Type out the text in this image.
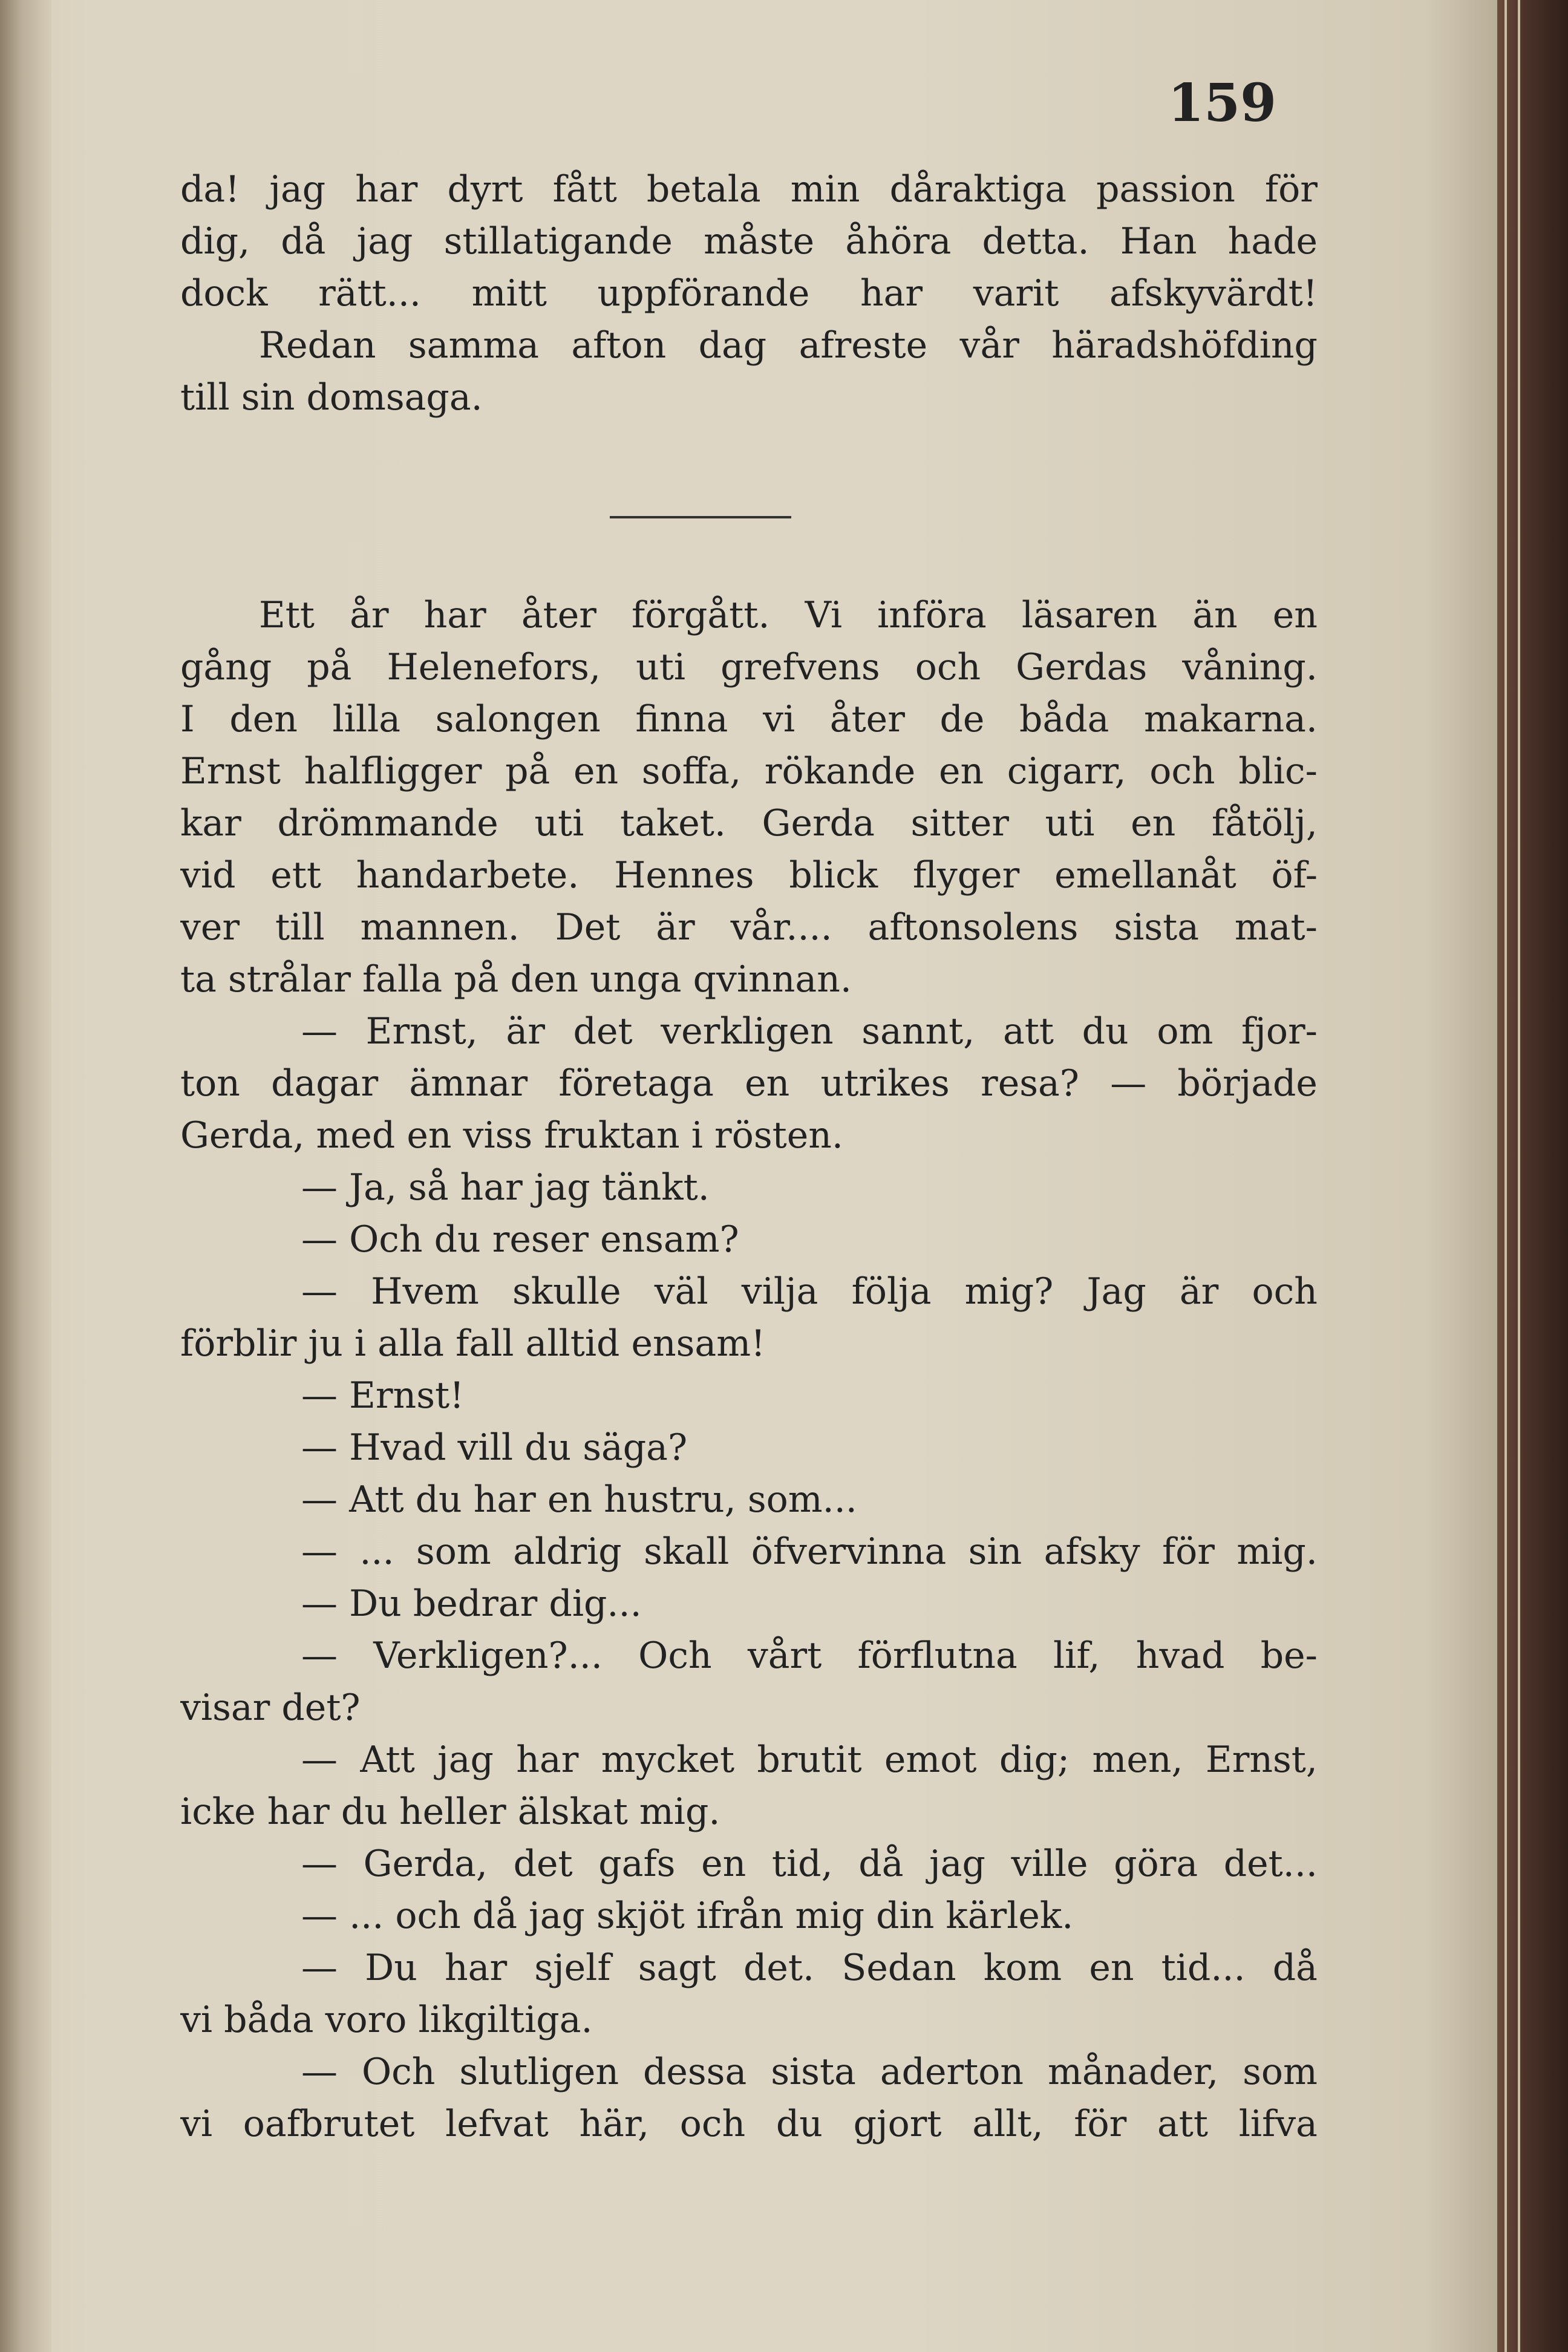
159
da! jag har dyrt fått betala min dåraktiga passion för
dig, då jag stillatigande måste åhöra detta. Han hade
dock rätt... mitt uppförande har varit afskyvärdt!
Redan samma afton dag afreste vår häradshöfding
till sin domsaga.
Ett år har åter förgått. Vi införa läsaren än en
gång på Helenefors, uti grefvens och Gerdas våning.
I den lilla salongen finna vi åter de båda makarna.
Ernst halfligger på en soffa, rökande en cigarr, och blic-
kar drömmande uti taket. Gerda sitter uti en fåtölj,
vid ett handarbete. Hennes blick flyger emellanåt öf-
ver till mannen. Det är vår.... aftonsolens sista mat-
ta strålar falla på den unga qvinnan.
— Ernst, är det verkligen sannt, att du om fjor-
ton dagar ämnar företaga en utrikes resa? — började
Gerda, med en viss fruktan i rösten.
— Ja, så har jag tänkt.
— Och du reser ensam?
— Hvem skulle väl vilja följa mig? Jag är och
förblir ju i alla fall alltid ensam!
— Ernst!
— Hvad vill du säga?
— Att du har en hustru, som...
— ... som aldrig skall öfvervinna sin afsky för mig.
— Du bedrar dig...
— Verkligen?... Och vårt förflutna lif, hvad be-
visar det?
— Att jag har mycket brutit emot dig; men, Ernst,
icke har du heller älskat mig.
— Gerda, det gafs en tid, då jag ville göra det...
— ... och då jag skjöt ifrån mig din kärlek.
— Du har sjelf sagt det. Sedan kom en tid... då
vi båda voro likgiltiga.
— Och slutligen dessa sista aderton månader, som
vi oafbrutet lefvat här, och du gjort allt, för att lifva
